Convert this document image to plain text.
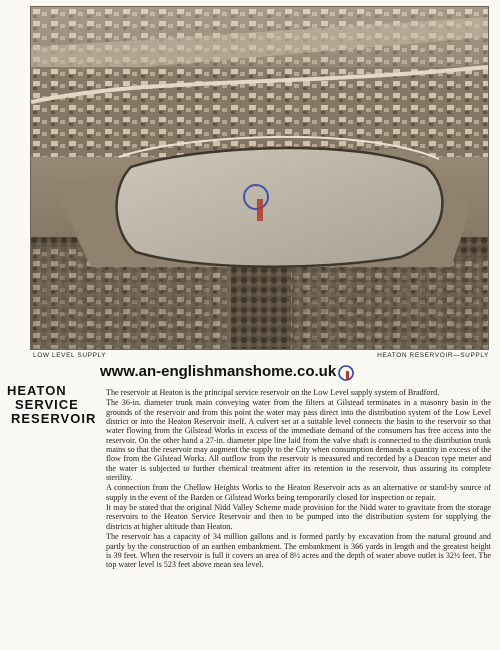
LOW LEVEL SUPPLY	HEATON RESERVOIR—SUPPLY
www.an-englishmanshome.co.uk
HEATON
SERVICE
RESERVOIR

The reservoir at Heaton is the principal service reservoir on the Low Level supply system of Bradford.

The 36-in. diameter trunk main conveying water from the filters at Gilstead terminates in a masonry basin in the grounds of the reservoir and from this point the water may pass direct into the distribution system of the Low Level district or into the Heaton Reservoir itself. A culvert set at a suitable level connects the basin to the reservoir so that water flowing from the Gilstead Works in excess of the immediate demand of the consumers has free access into the reservoir. On the other hand a 27-in. diameter pipe line laid from the valve shaft is connected to the distribution trunk mains so that the reservoir may augment the supply to the City when consumption demands a quantity in excess of the flow from the Gilstead Works. All outflow from the reservoir is measured and recorded by a Deacon type meter and the water is subjected to further chemical treatment after its retention in the reservoir, thus assuring its complete sterility.

A connection from the Chellow Heights Works to the Heaton Reservoir acts as an alternative or stand-by source of supply in the event of the Barden or Gilstead Works being temporarily closed for inspection or repair.

It may be stated that the original Nidd Valley Scheme made provision for the Nidd water to gravitate from the storage reservoirs to the Heaton Service Reservoir and then to be pumped into the distribution system for supplying the districts at higher altitude than Heaton.

The reservoir has a capacity of 34 million gallons and is formed partly by excavation from the natural ground and partly by the construction of an earthen embankment. The embankment is 366 yards in length and the greatest height is 39 feet. When the reservoir is full it covers an area of 8½ acres and the depth of water above outlet is 32½ feet. The top water level is 523 feet above mean sea level.
